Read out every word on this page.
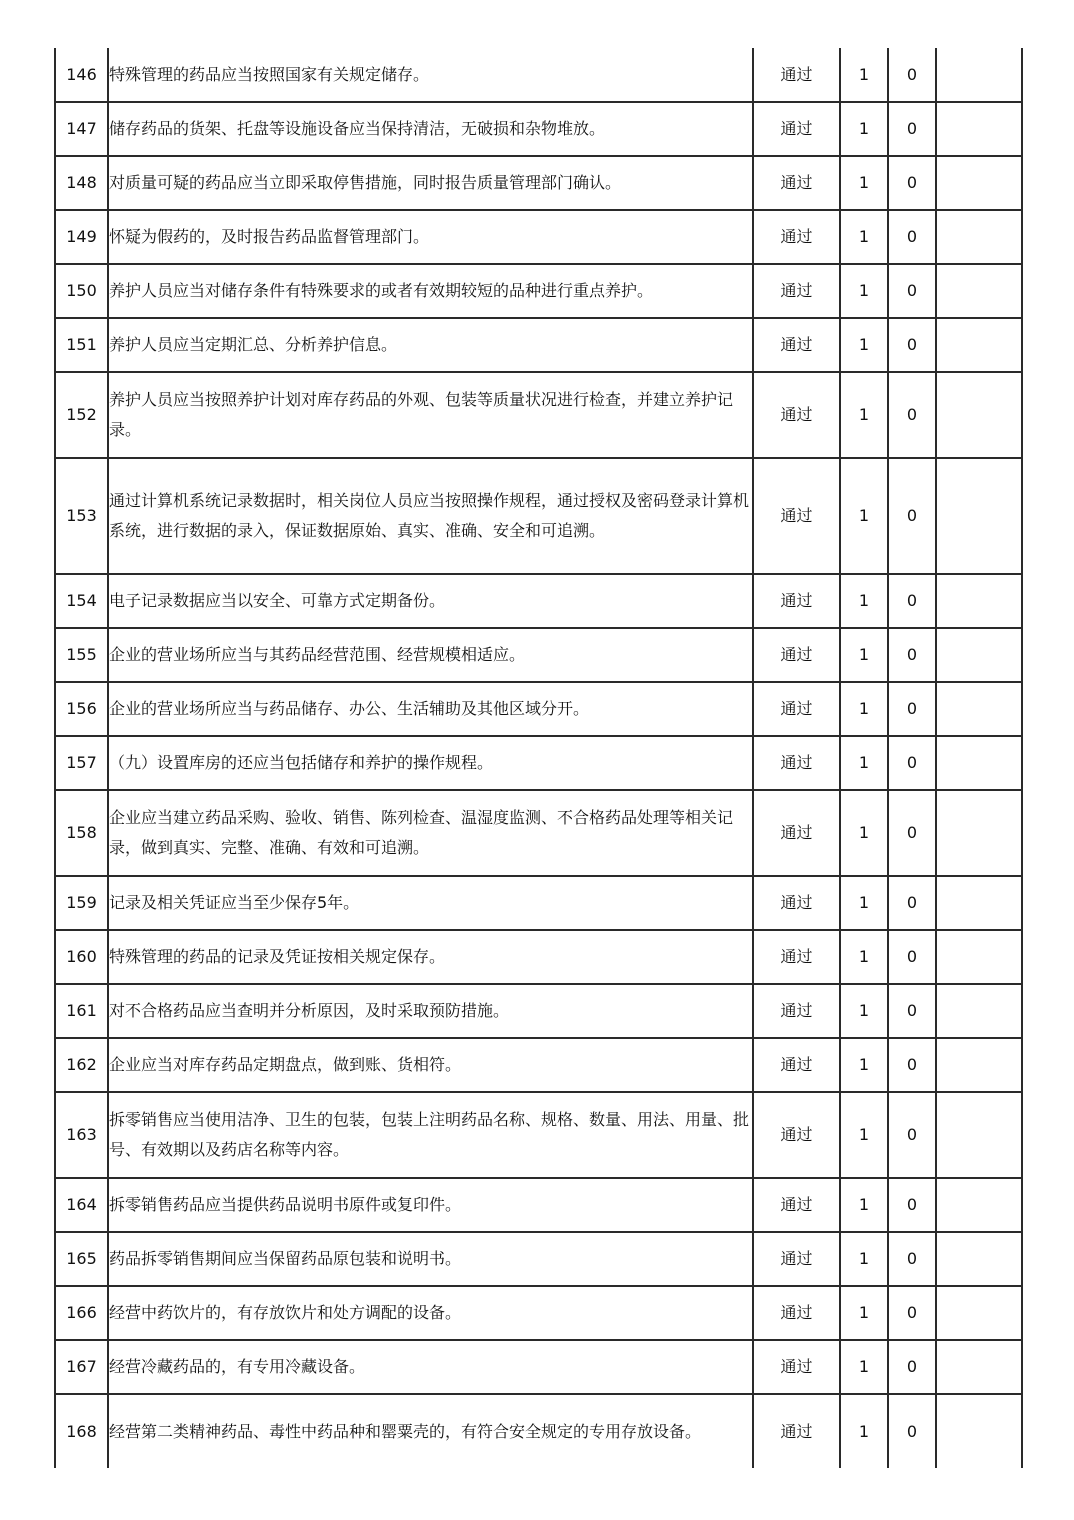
146	特殊管理的药品应当按照国家有关规定储存。	通过	1	0	
147	储存药品的货架、托盘等设施设备应当保持清洁，无破损和杂物堆放。	通过	1	0	
148	对质量可疑的药品应当立即采取停售措施，同时报告质量管理部门确认。	通过	1	0	
149	怀疑为假药的，及时报告药品监督管理部门。	通过	1	0	
150	养护人员应当对储存条件有特殊要求的或者有效期较短的品种进行重点养护。	通过	1	0	
151	养护人员应当定期汇总、分析养护信息。	通过	1	0	
152	养护人员应当按照养护计划对库存药品的外观、包装等质量状况进行检查，并建立养护记录。	通过	1	0	
153	通过计算机系统记录数据时，相关岗位人员应当按照操作规程，通过授权及密码登录计算机系统，进行数据的录入，保证数据原始、真实、准确、安全和可追溯。	通过	1	0	
154	电子记录数据应当以安全、可靠方式定期备份。	通过	1	0	
155	企业的营业场所应当与其药品经营范围、经营规模相适应。	通过	1	0	
156	企业的营业场所应当与药品储存、办公、生活辅助及其他区域分开。	通过	1	0	
157	（九）设置库房的还应当包括储存和养护的操作规程。	通过	1	0	
158	企业应当建立药品采购、验收、销售、陈列检查、温湿度监测、不合格药品处理等相关记录，做到真实、完整、准确、有效和可追溯。	通过	1	0	
159	记录及相关凭证应当至少保存5年。	通过	1	0	
160	特殊管理的药品的记录及凭证按相关规定保存。	通过	1	0	
161	对不合格药品应当查明并分析原因，及时采取预防措施。	通过	1	0	
162	企业应当对库存药品定期盘点，做到账、货相符。	通过	1	0	
163	拆零销售应当使用洁净、卫生的包装，包装上注明药品名称、规格、数量、用法、用量、批号、有效期以及药店名称等内容。	通过	1	0	
164	拆零销售药品应当提供药品说明书原件或复印件。	通过	1	0	
165	药品拆零销售期间应当保留药品原包装和说明书。	通过	1	0	
166	经营中药饮片的，有存放饮片和处方调配的设备。	通过	1	0	
167	经营冷藏药品的，有专用冷藏设备。	通过	1	0	
168	经营第二类精神药品、毒性中药品种和罂粟壳的，有符合安全规定的专用存放设备。	通过	1	0	
